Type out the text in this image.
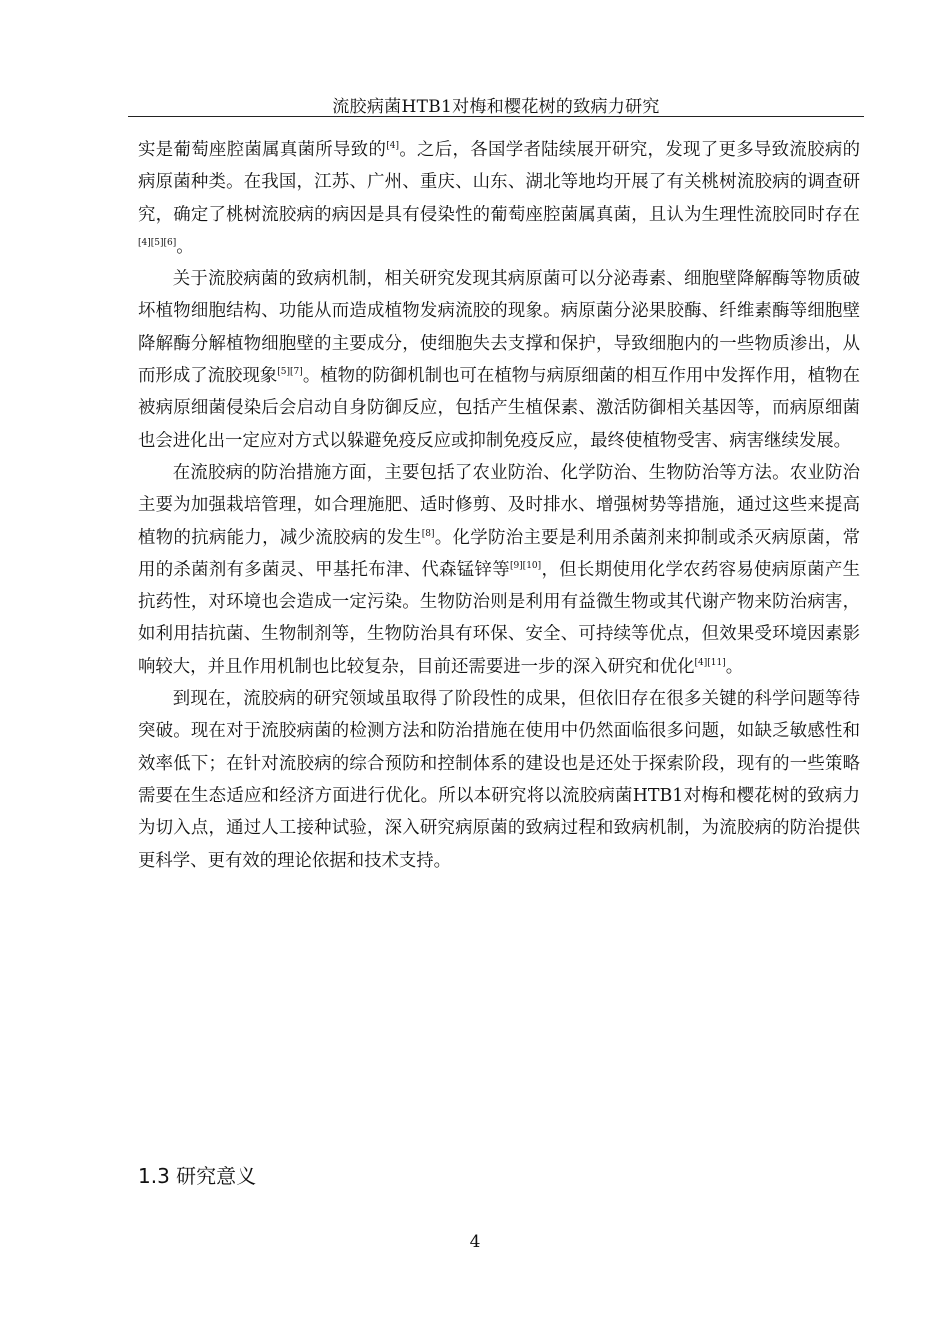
流胶病菌HTB1对梅和樱花树的致病力研究

实是葡萄座腔菌属真菌所导致的[4]。之后，各国学者陆续展开研究，发现了更多导致流胶病的病原菌种类。在我国，江苏、广州、重庆、山东、湖北等地均开展了有关桃树流胶病的调查研究，确定了桃树流胶病的病因是具有侵染性的葡萄座腔菌属真菌，且认为生理性流胶同时存在[4][5][6]。

关于流胶病菌的致病机制，相关研究发现其病原菌可以分泌毒素、细胞壁降解酶等物质破坏植物细胞结构、功能从而造成植物发病流胶的现象。病原菌分泌果胶酶、纤维素酶等细胞壁降解酶分解植物细胞壁的主要成分，使细胞失去支撑和保护，导致细胞内的一些物质渗出，从而形成了流胶现象[5][7]。植物的防御机制也可在植物与病原细菌的相互作用中发挥作用，植物在被病原细菌侵染后会启动自身防御反应，包括产生植保素、激活防御相关基因等，而病原细菌也会进化出一定应对方式以躲避免疫反应或抑制免疫反应，最终使植物受害、病害继续发展。

在流胶病的防治措施方面，主要包括了农业防治、化学防治、生物防治等方法。农业防治主要为加强栽培管理，如合理施肥、适时修剪、及时排水、增强树势等措施，通过这些来提高植物的抗病能力，减少流胶病的发生[8]。化学防治主要是利用杀菌剂来抑制或杀灭病原菌，常用的杀菌剂有多菌灵、甲基托布津、代森锰锌等[9][10]，但长期使用化学农药容易使病原菌产生抗药性，对环境也会造成一定污染。生物防治则是利用有益微生物或其代谢产物来防治病害，如利用拮抗菌、生物制剂等，生物防治具有环保、安全、可持续等优点，但效果受环境因素影响较大，并且作用机制也比较复杂，目前还需要进一步的深入研究和优化[4][11]。

到现在，流胶病的研究领域虽取得了阶段性的成果，但依旧存在很多关键的科学问题等待突破。现在对于流胶病菌的检测方法和防治措施在使用中仍然面临很多问题，如缺乏敏感性和效率低下；在针对流胶病的综合预防和控制体系的建设也是还处于探索阶段，现有的一些策略需要在生态适应和经济方面进行优化。所以本研究将以流胶病菌HTB1对梅和樱花树的致病力为切入点，通过人工接种试验，深入研究病原菌的致病过程和致病机制，为流胶病的防治提供更科学、更有效的理论依据和技术支持。

1.3 研究意义
4
